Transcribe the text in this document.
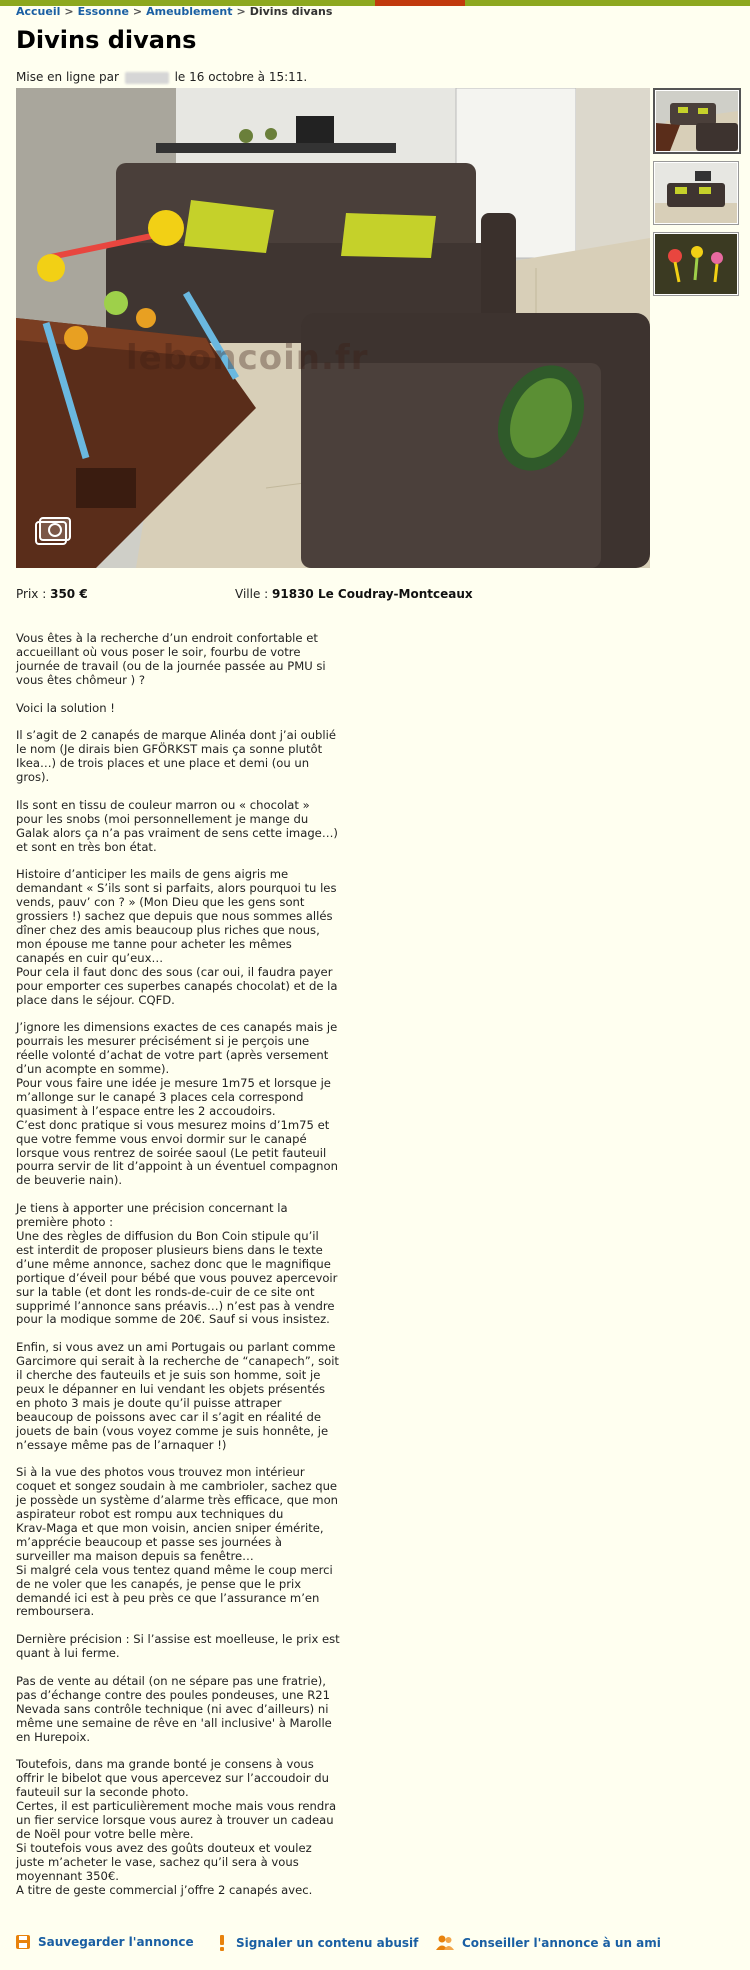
Accueil > Essonne > Ameublement > Divins divans
Divins divans
Mise en ligne par	le 16 octobre à 15:11.
leboncoin.fr
Prix : 350 €	Ville : 91830 Le Coudray-Montceaux

Vous êtes à la recherche d’un endroit confortable et
accueillant où vous poser le soir, fourbu de votre
journée de travail (ou de la journée passée au PMU si
vous êtes chômeur ) ?

Voici la solution !

Il s’agit de 2 canapés de marque Alinéa dont j’ai oublié
le nom (Je dirais bien GFÖRKST mais ça sonne plutôt
Ikea…) de trois places et une place et demi (ou un
gros).

Ils sont en tissu de couleur marron ou « chocolat »
pour les snobs (moi personnellement je mange du
Galak alors ça n’a pas vraiment de sens cette image…)
et sont en très bon état.

Histoire d’anticiper les mails de gens aigris me
demandant « S’ils sont si parfaits, alors pourquoi tu les
vends, pauv’ con ? » (Mon Dieu que les gens sont
grossiers !) sachez que depuis que nous sommes allés
dîner chez des amis beaucoup plus riches que nous,
mon épouse me tanne pour acheter les mêmes
canapés en cuir qu’eux…
Pour cela il faut donc des sous (car oui, il faudra payer
pour emporter ces superbes canapés chocolat) et de la
place dans le séjour. CQFD.

J’ignore les dimensions exactes de ces canapés mais je
pourrais les mesurer précisément si je perçois une
réelle volonté d’achat de votre part (après versement
d’un acompte en somme).
Pour vous faire une idée je mesure 1m75 et lorsque je
m’allonge sur le canapé 3 places cela correspond
quasiment à l’espace entre les 2 accoudoirs.
C’est donc pratique si vous mesurez moins d’1m75 et
que votre femme vous envoi dormir sur le canapé
lorsque vous rentrez de soirée saoul (Le petit fauteuil
pourra servir de lit d’appoint à un éventuel compagnon
de beuverie nain).

Je tiens à apporter une précision concernant la
première photo :
Une des règles de diffusion du Bon Coin stipule qu’il
est interdit de proposer plusieurs biens dans le texte
d’une même annonce, sachez donc que le magnifique
portique d’éveil pour bébé que vous pouvez apercevoir
sur la table (et dont les ronds-de-cuir de ce site ont
supprimé l’annonce sans préavis…) n’est pas à vendre
pour la modique somme de 20€. Sauf si vous insistez.

Enfin, si vous avez un ami Portugais ou parlant comme
Garcimore qui serait à la recherche de “canapech”, soit
il cherche des fauteuils et je suis son homme, soit je
peux le dépanner en lui vendant les objets présentés
en photo 3 mais je doute qu’il puisse attraper
beaucoup de poissons avec car il s’agit en réalité de
jouets de bain (vous voyez comme je suis honnête, je
n’essaye même pas de l’arnaquer !)

Si à la vue des photos vous trouvez mon intérieur
coquet et songez soudain à me cambrioler, sachez que
je possède un système d’alarme très efficace, que mon
aspirateur robot est rompu aux techniques du
Krav-Maga et que mon voisin, ancien sniper émérite,
m’apprécie beaucoup et passe ses journées à
surveiller ma maison depuis sa fenêtre…
Si malgré cela vous tentez quand même le coup merci
de ne voler que les canapés, je pense que le prix
demandé ici est à peu près ce que l’assurance m’en
remboursera.

Dernière précision : Si l’assise est moelleuse, le prix est
quant à lui ferme.

Pas de vente au détail (on ne sépare pas une fratrie),
pas d’échange contre des poules pondeuses, une R21
Nevada sans contrôle technique (ni avec d’ailleurs) ni
même une semaine de rêve en 'all inclusive' à Marolle
en Hurepoix.

Toutefois, dans ma grande bonté je consens à vous
offrir le bibelot que vous apercevez sur l’accoudoir du
fauteuil sur la seconde photo.
Certes, il est particulièrement moche mais vous rendra
un fier service lorsque vous aurez à trouver un cadeau
de Noël pour votre belle mère.
Si toutefois vous avez des goûts douteux et voulez
juste m’acheter le vase, sachez qu’il sera à vous
moyennant 350€.
A titre de geste commercial j’offre 2 canapés avec.

Sauvegarder l'annonce	Signaler un contenu abusif	Conseiller l'annonce à un ami
